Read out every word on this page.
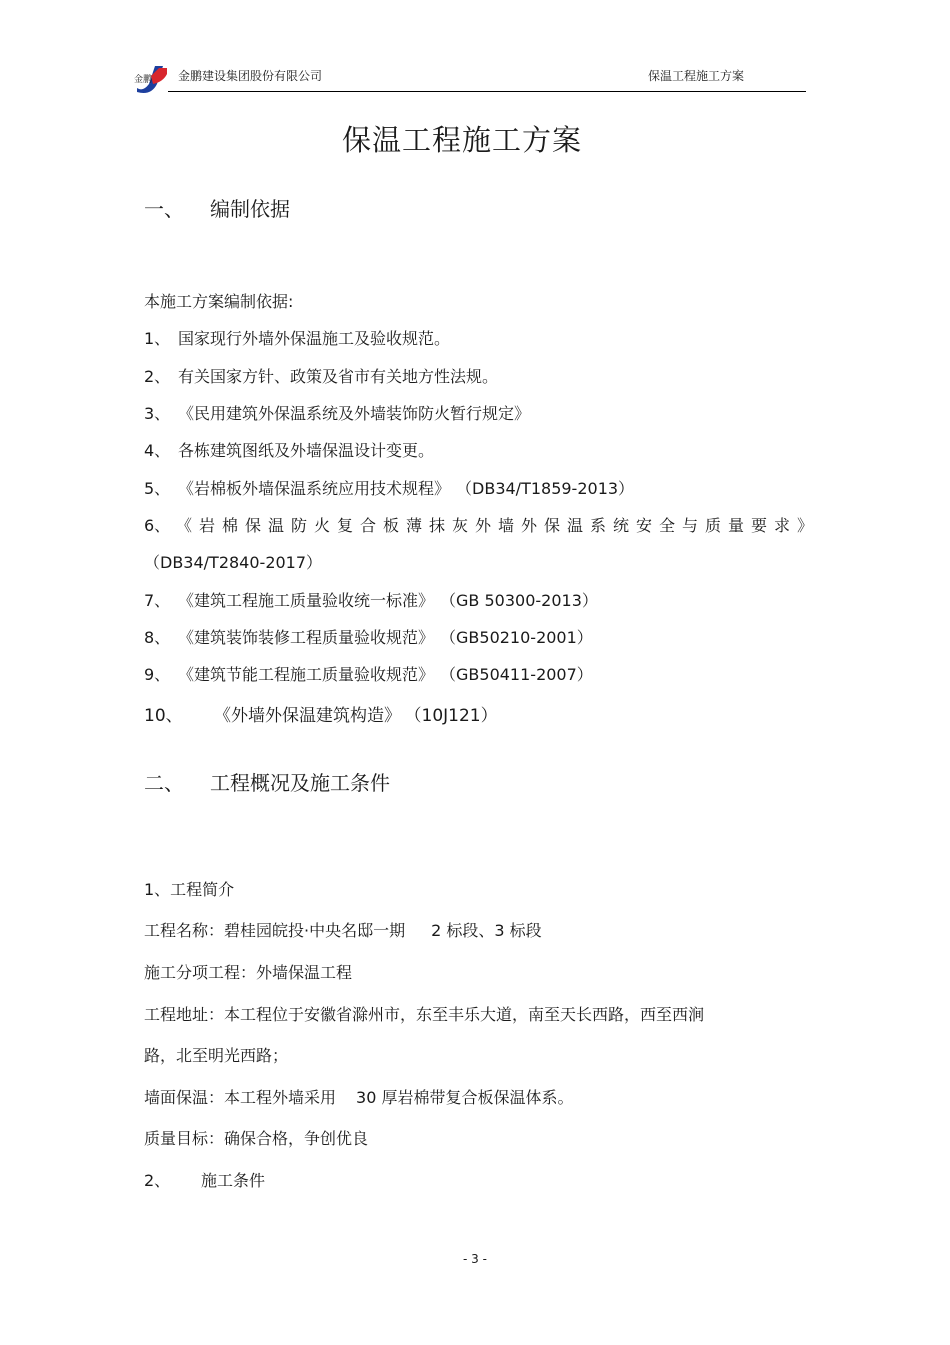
金鹏 金鹏建设集团股份有限公司	保温工程施工方案
保温工程施工方案
一、 编制依据
本施工方案编制依据:
1、 国家现行外墙外保温施工及验收规范。
2、 有关国家方针、政策及省市有关地方性法规。
3、 《民用建筑外保温系统及外墙装饰防火暂行规定》
4、 各栋建筑图纸及外墙保温设计变更。
5、 《岩棉板外墙保温系统应用技术规程》 （DB34/T1859-2013）
6、 《岩棉保温防火复合板薄抹灰外墙外保温系统安全与质量要求》
（DB34/T2840-2017）
7、 《建筑工程施工质量验收统一标准》 （GB 50300-2013）
8、 《建筑装饰装修工程质量验收规范》 （GB50210-2001）
9、 《建筑节能工程施工质量验收规范》 （GB50411-2007）
10、 《外墙外保温建筑构造》 （10J121）
二、 工程概况及施工条件
1、工程简介
工程名称：碧桂园皖投·中央名邸一期 2 标段、3 标段
施工分项工程：外墙保温工程
工程地址：本工程位于安徽省滁州市，东至丰乐大道，南至天长西路，西至西涧
路，北至明光西路；
墙面保温：本工程外墙采用 30 厚岩棉带复合板保温体系。
质量目标：确保合格，争创优良
2、 施工条件
- 3 -
